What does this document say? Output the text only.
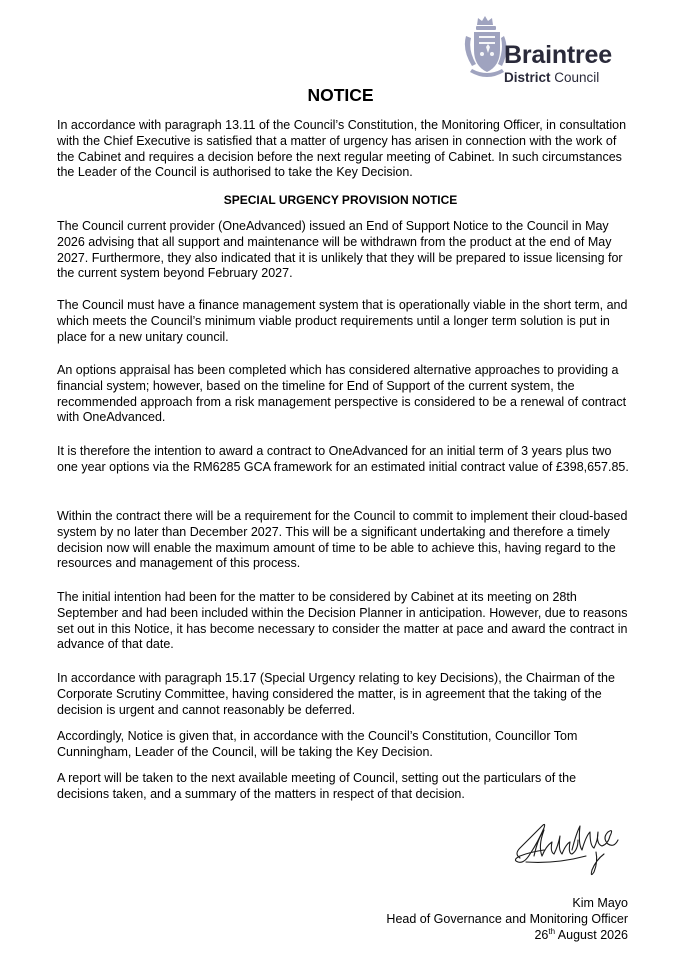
Braintree
District Council
NOTICE

In accordance with paragraph 13.11 of the Council’s Constitution, the Monitoring Officer, in consultation with the Chief Executive is satisfied that a matter of urgency has arisen in connection with the work of the Cabinet and requires a decision before the next regular meeting of Cabinet. In such circumstances the Leader of the Council is authorised to take the Key Decision.

SPECIAL URGENCY PROVISION NOTICE

The Council current provider (OneAdvanced) issued an End of Support Notice to the Council in May 2026 advising that all support and maintenance will be withdrawn from the product at the end of May 2027. Furthermore, they also indicated that it is unlikely that they will be prepared to issue licensing for the current system beyond February 2027.

The Council must have a finance management system that is operationally viable in the short term, and which meets the Council’s minimum viable product requirements until a longer term solution is put in place for a new unitary council.

An options appraisal has been completed which has considered alternative approaches to providing a financial system; however, based on the timeline for End of Support of the current system, the recommended approach from a risk management perspective is considered to be a renewal of contract with OneAdvanced.

It is therefore the intention to award a contract to OneAdvanced for an initial term of 3 years plus two one year options via the RM6285 GCA framework for an estimated initial contract value of £398,657.85.

Within the contract there will be a requirement for the Council to commit to implement their cloud-based system by no later than December 2027. This will be a significant undertaking and therefore a timely decision now will enable the maximum amount of time to be able to achieve this, having regard to the resources and management of this process.

The initial intention had been for the matter to be considered by Cabinet at its meeting on 28th September and had been included within the Decision Planner in anticipation. However, due to reasons set out in this Notice, it has become necessary to consider the matter at pace and award the contract in advance of that date.

In accordance with paragraph 15.17 (Special Urgency relating to key Decisions), the Chairman of the Corporate Scrutiny Committee, having considered the matter, is in agreement that the taking of the decision is urgent and cannot reasonably be deferred.

Accordingly, Notice is given that, in accordance with the Council’s Constitution, Councillor Tom Cunningham, Leader of the Council, will be taking the Key Decision.

A report will be taken to the next available meeting of Council, setting out the particulars of the decisions taken, and a summary of the matters in respect of that decision.

Kim Mayo
Head of Governance and Monitoring Officer
26th August 2026
